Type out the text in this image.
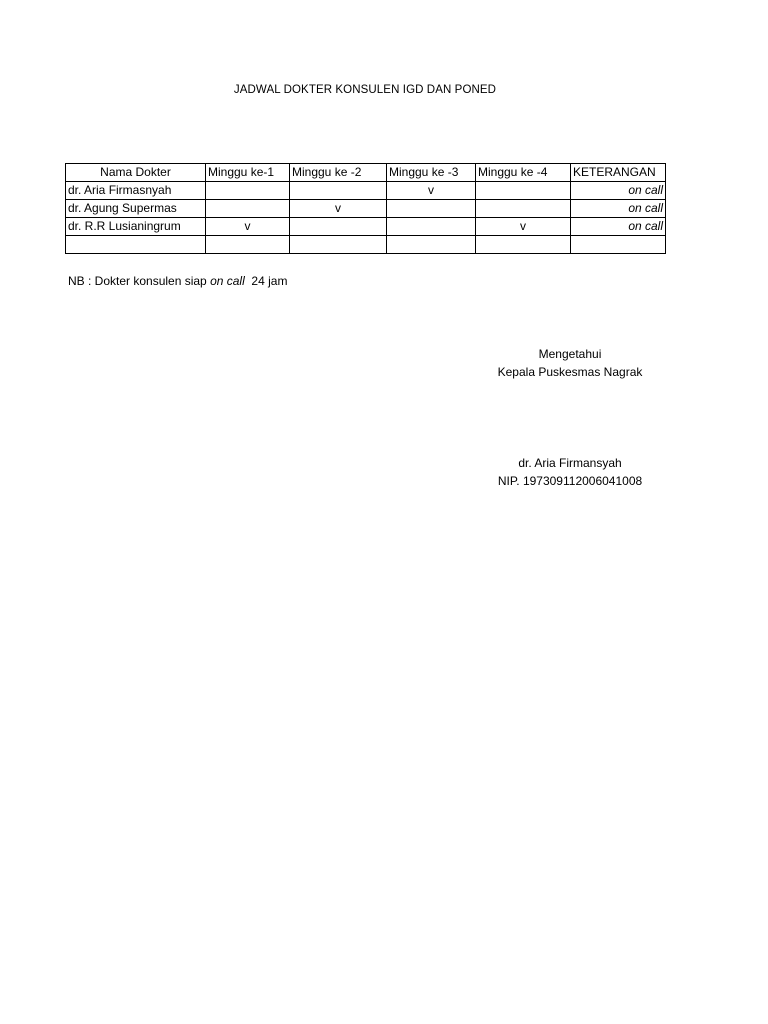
JADWAL DOKTER KONSULEN IGD DAN PONED
Nama Dokter	Minggu ke-1	Minggu ke -2	Minggu ke -3	Minggu ke -4	KETERANGAN
dr. Aria Firmasnyah			v		on call
dr. Agung Supermas		v			on call
dr. R.R Lusianingrum	v			v	on call

NB : Dokter konsulen siap on call  24 jam
Mengetahui
Kepala Puskesmas Nagrak
dr. Aria Firmansyah
NIP. 197309112006041008
